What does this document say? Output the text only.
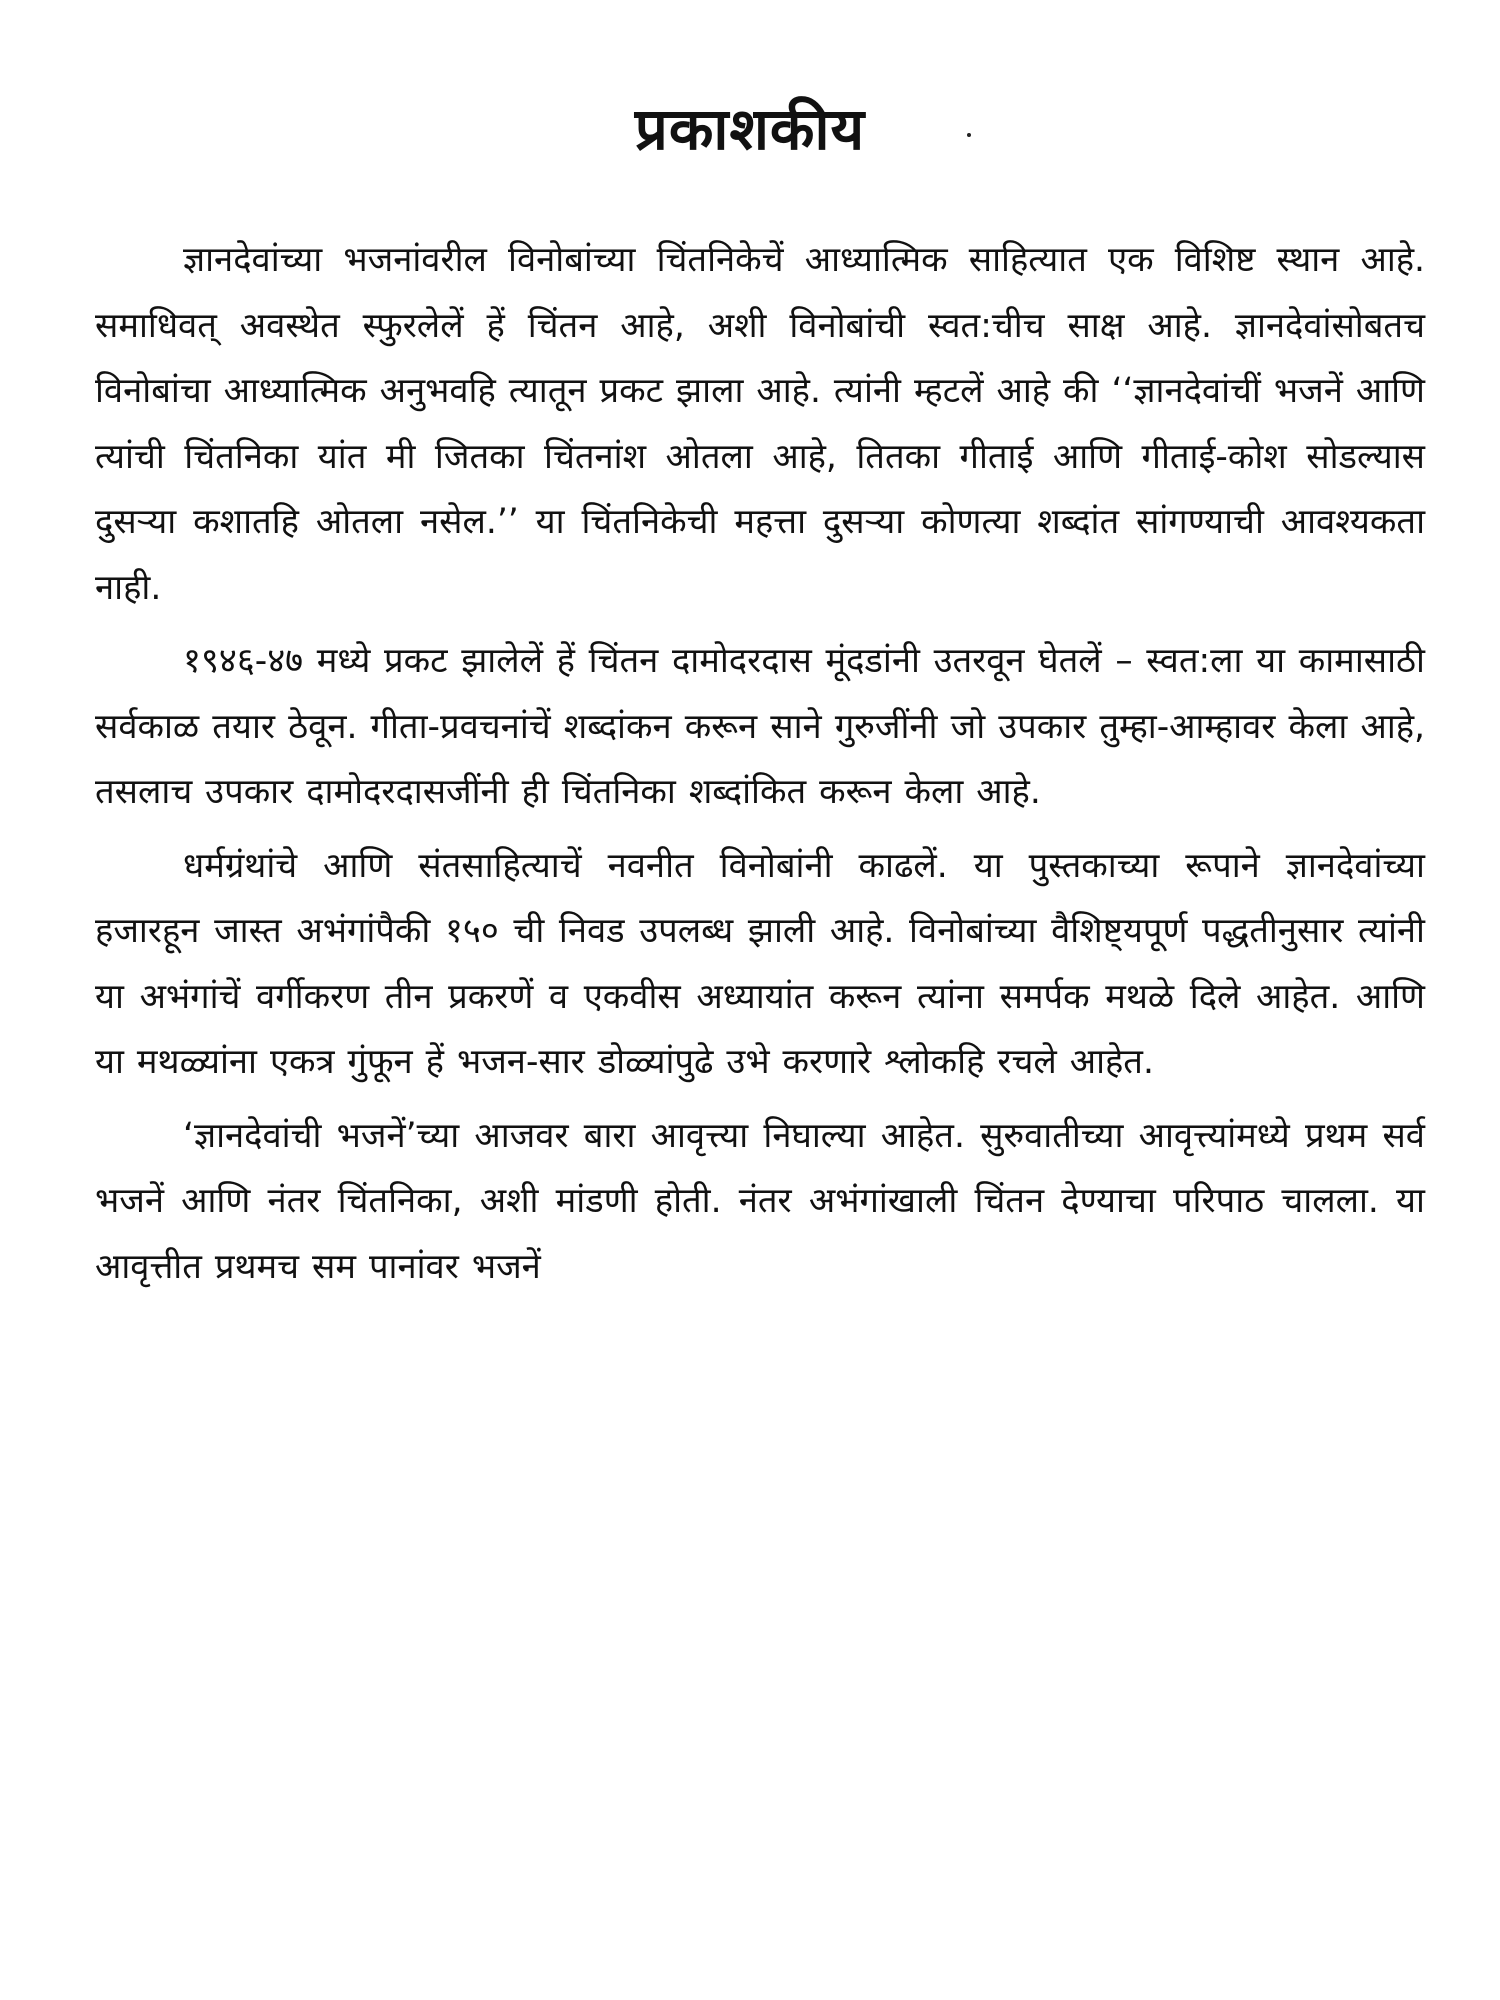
प्रकाशकीय

ज्ञानदेवांच्या भजनांवरील विनोबांच्या चिंतनिकेचें आध्यात्मिक साहित्यात एक विशिष्ट स्थान आहे. समाधिवत् अवस्थेत स्फुरलेलें हें चिंतन आहे, अशी विनोबांची स्वत:चीच साक्ष आहे. ज्ञानदेवांसोबतच विनोबांचा आध्यात्मिक अनुभवहि त्यातून प्रकट झाला आहे. त्यांनी म्हटलें आहे की ‘‘ज्ञानदेवांचीं भजनें आणि त्यांची चिंतनिका यांत मी जितका चिंतनांश ओतला आहे, तितका गीताई आणि गीताई-कोश सोडल्यास दुसऱ्या कशातहि ओतला नसेल.’’ या चिंतनिकेची महत्ता दुसऱ्या कोणत्या शब्दांत सांगण्याची आवश्यकता नाही.

१९४६-४७ मध्ये प्रकट झालेलें हें चिंतन दामोदरदास मूंदडांनी उतरवून घेतलें – स्वत:ला या कामासाठी सर्वकाळ तयार ठेवून. गीता-प्रवचनांचें शब्दांकन करून साने गुरुजींनी जो उपकार तुम्हा-आम्हावर केला आहे, तसलाच उपकार दामोदरदासजींनी ही चिंतनिका शब्दांकित करून केला आहे.

धर्मग्रंथांचे आणि संतसाहित्याचें नवनीत विनोबांनी काढलें. या पुस्तकाच्या रूपाने ज्ञानदेवांच्या हजारहून जास्त अभंगांपैकी १५० ची निवड उपलब्ध झाली आहे. विनोबांच्या वैशिष्ट्यपूर्ण पद्धतीनुसार त्यांनी या अभंगांचें वर्गीकरण तीन प्रकरणें व एकवीस अध्यायांत करून त्यांना समर्पक मथळे दिले आहेत. आणि या मथळ्यांना एकत्र गुंफून हें भजन-सार डोळ्यांपुढे उभे करणारे श्लोकहि रचले आहेत.

‘ज्ञानदेवांची भजनें’च्या आजवर बारा आवृत्त्या निघाल्या आहेत. सुरुवातीच्या आवृत्त्यांमध्ये प्रथम सर्व भजनें आणि नंतर चिंतनिका, अशी मांडणी होती. नंतर अभंगांखाली चिंतन देण्याचा परिपाठ चालला. या आवृत्तीत प्रथमच सम पानांवर भजनें
